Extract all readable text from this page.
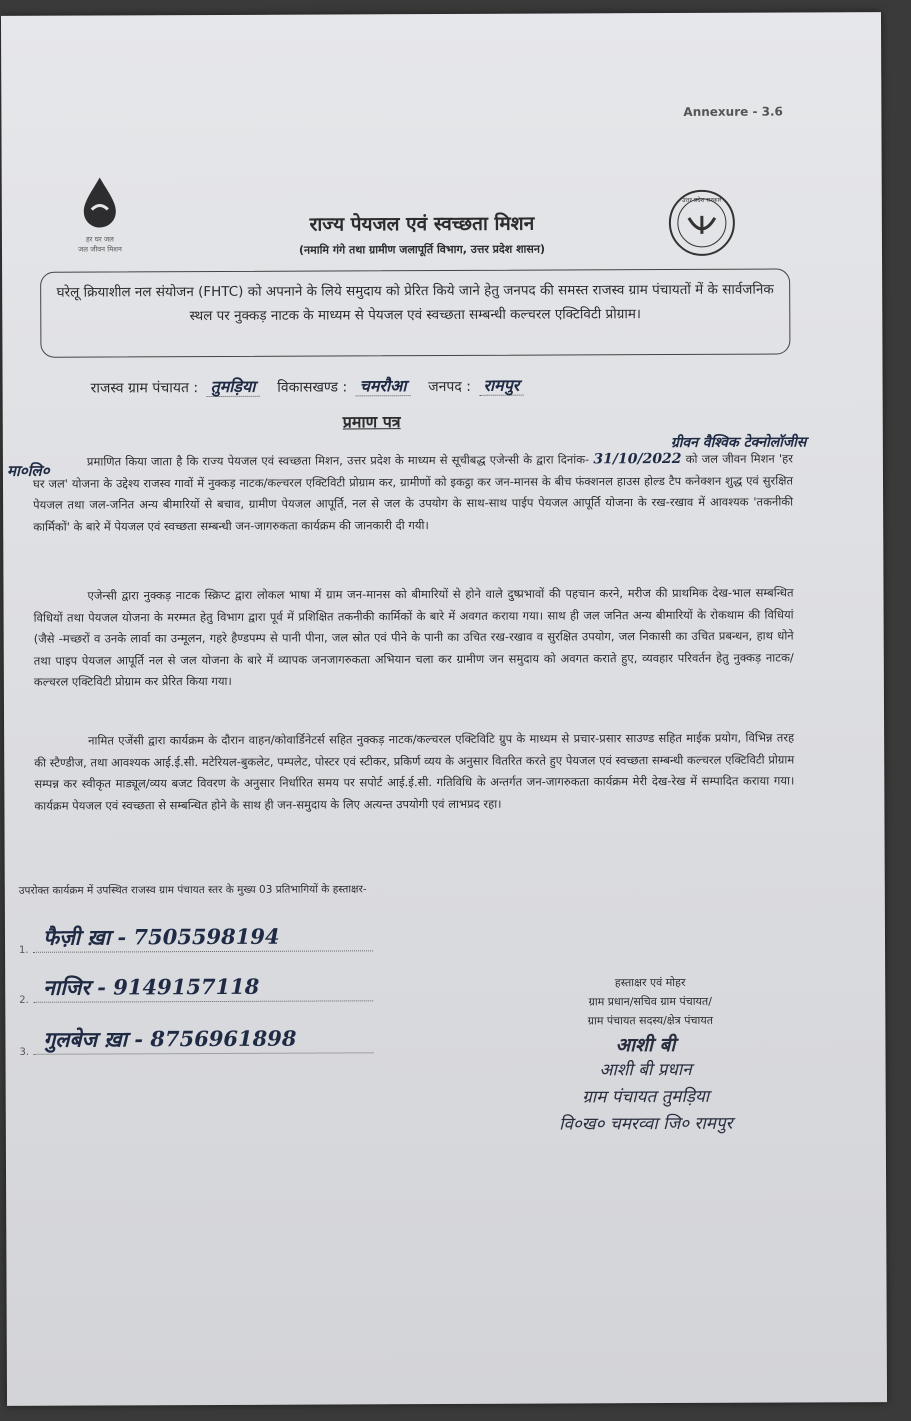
Annexure - 3.6
हर घर जल
जल जीवन मिशन
राज्य पेयजल एवं स्वच्छता मिशन
(नमामि गंगे तथा ग्रामीण जलापूर्ति विभाग, उत्तर प्रदेश शासन)
उत्तर प्रदेश सरकार
घरेलू क्रियाशील नल संयोजन (FHTC) को अपनाने के लिये समुदाय को प्रेरित किये जाने हेतु जनपद की समस्त राजस्व ग्राम पंचायतों में के सार्वजनिक स्थल पर नुक्कड़ नाटक के माध्यम से पेयजल एवं स्वच्छता सम्बन्धी कल्चरल एक्टिविटी प्रोग्राम।
राजस्व ग्राम पंचायत : तुमड़िया विकासखण्ड : चमरौआ जनपद : रामपुर
प्रमाण पत्र
मा०लि०
ग्रीवन वैश्विक टेक्नोलॉजीस
प्रमाणित किया जाता है कि राज्य पेयजल एवं स्वच्छता मिशन, उत्तर प्रदेश के माध्यम से सूचीबद्ध एजेन्सी के द्वारा दिनांक- 31/10/2022 को जल जीवन मिशन 'हर घर जल' योजना के उद्देश्य राजस्व गावों में नुक्कड़ नाटक/कल्चरल एक्टिविटी प्रोग्राम कर, ग्रामीणों को इकट्ठा कर जन-मानस के बीच फंक्शनल हाउस होल्ड टैप कनेक्शन शुद्ध एवं सुरक्षित पेयजल तथा जल-जनित अन्य बीमारियों से बचाव, ग्रामीण पेयजल आपूर्ति, नल से जल के उपयोग के साथ-साथ पाईप पेयजल आपूर्ति योजना के रख-रखाव में आवश्यक 'तकनीकी कार्मिकों' के बारे में पेयजल एवं स्वच्छता सम्बन्धी जन-जागरुकता कार्यक्रम की जानकारी दी गयी।
एजेन्सी द्वारा नुक्कड़ नाटक स्क्रिप्ट द्वारा लोकल भाषा में ग्राम जन-मानस को बीमारियों से होने वाले दुष्प्रभावों की पहचान करने, मरीज की प्राथमिक देख-भाल सम्बन्धित विधियों तथा पेयजल योजना के मरम्मत हेतु विभाग द्वारा पूर्व में प्रशिक्षित तकनीकी कार्मिकों के बारे में अवगत कराया गया। साथ ही जल जनित अन्य बीमारियों के रोकथाम की विधियां (जैसे -मच्छरों व उनके लार्वा का उन्मूलन, गहरे हैण्डपम्प से पानी पीना, जल स्रोत एवं पीने के पानी का उचित रख-रखाव व सुरक्षित उपयोग, जल निकासी का उचित प्रबन्धन, हाथ धोने तथा पाइप पेयजल आपूर्ति नल से जल योजना के बारे में व्यापक जनजागरुकता अभियान चला कर ग्रामीण जन समुदाय को अवगत कराते हुए, व्यवहार परिवर्तन हेतु नुक्कड़ नाटक/कल्चरल एक्टिविटी प्रोग्राम कर प्रेरित किया गया।
नामित एजेंसी द्वारा कार्यक्रम के दौरान वाहन/कोवार्डिनेटर्स सहित नुक्कड़ नाटक/कल्चरल एक्टिविटि ग्रुप के माध्यम से प्रचार-प्रसार साउण्ड सहित माईक प्रयोग, विभिन्न तरह की स्टैण्डीज, तथा आवश्यक आई.ई.सी. मटेरियल-बुकलेट, पम्पलेट, पोस्टर एवं स्टीकर, प्रकिर्ण व्यय के अनुसार वितरित करते हुए पेयजल एवं स्वच्छता सम्बन्धी कल्चरल एक्टिविटी प्रोग्राम सम्पन्न कर स्वीकृत माड्यूल/व्यय बजट विवरण के अनुसार निर्धारित समय पर सपोर्ट आई.ई.सी. गतिविधि के अन्तर्गत जन-जागरुकता कार्यक्रम मेरी देख-रेख में सम्पादित कराया गया। कार्यक्रम पेयजल एवं स्वच्छता से सम्बन्धित होने के साथ ही जन-समुदाय के लिए अत्यन्त उपयोगी एवं लाभप्रद रहा।
उपरोक्त कार्यक्रम में उपस्थित राजस्व ग्राम पंचायत स्तर के मुख्य 03 प्रतिभागियों के हस्ताक्षर-
1.
फैज़ी ख़ा - 7505598194
2.
नाजिर - 9149157118
3.
गुलबेज ख़ा - 8756961898
हस्ताक्षर एवं मोहर
ग्राम प्रधान/सचिव ग्राम पंचायत/
ग्राम पंचायत सदस्य/क्षेत्र पंचायत
आशी बी
आशी बी प्रधान
ग्राम पंचायत तुमड़िया
वि०ख० चमरव्वा जि० रामपुर
